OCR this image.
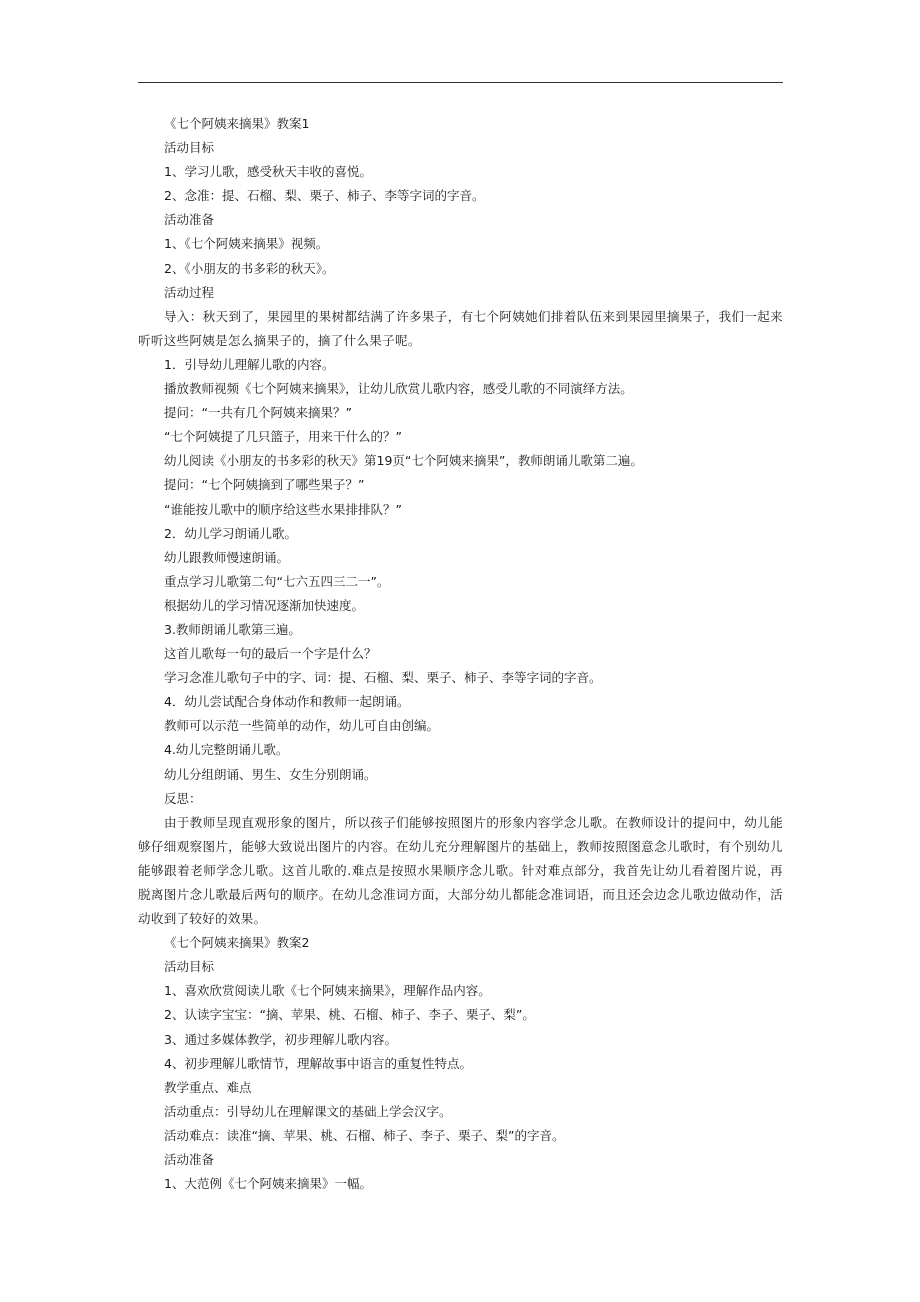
《七个阿姨来摘果》教案1
活动目标
1、学习儿歌，感受秋天丰收的喜悦。
2、念准：提、石榴、梨、栗子、柿子、李等字词的字音。
活动准备
1、《七个阿姨来摘果》视频。
2、《小朋友的书多彩的秋天》。
活动过程
导入：秋天到了，果园里的果树都结满了许多果子，有七个阿姨她们排着队伍来到果园里摘果子，我们一起来听听这些阿姨是怎么摘果子的，摘了什么果子呢。
1．引导幼儿理解儿歌的内容。
播放教师视频《七个阿姨来摘果》，让幼儿欣赏儿歌内容，感受儿歌的不同演绎方法。
提问：“一共有几个阿姨来摘果？”
“七个阿姨提了几只篮子，用来干什么的？”
幼儿阅读《小朋友的书多彩的秋天》第19页“七个阿姨来摘果”，教师朗诵儿歌第二遍。
提问：“七个阿姨摘到了哪些果子？”
“谁能按儿歌中的顺序给这些水果排排队？”
2．幼儿学习朗诵儿歌。
幼儿跟教师慢速朗诵。
重点学习儿歌第二句“七六五四三二一”。
根据幼儿的学习情况逐渐加快速度。
3.教师朗诵儿歌第三遍。
这首儿歌每一句的最后一个字是什么？
学习念准儿歌句子中的字、词：提、石榴、梨、栗子、柿子、李等字词的字音。
4．幼儿尝试配合身体动作和教师一起朗诵。
教师可以示范一些简单的动作，幼儿可自由创编。
4.幼儿完整朗诵儿歌。
幼儿分组朗诵、男生、女生分别朗诵。
反思：
由于教师呈现直观形象的图片，所以孩子们能够按照图片的形象内容学念儿歌。在教师设计的提问中，幼儿能够仔细观察图片，能够大致说出图片的内容。在幼儿充分理解图片的基础上，教师按照图意念儿歌时，有个别幼儿能够跟着老师学念儿歌。这首儿歌的.难点是按照水果顺序念儿歌。针对难点部分，我首先让幼儿看着图片说，再脱离图片念儿歌最后两句的顺序。在幼儿念准词方面，大部分幼儿都能念准词语，而且还会边念儿歌边做动作，活动收到了较好的效果。
《七个阿姨来摘果》教案2
活动目标
1、喜欢欣赏阅读儿歌《七个阿姨来摘果》，理解作品内容。
2、认读字宝宝：“摘、苹果、桃、石榴、柿子、李子、栗子、梨”。
3、通过多媒体教学，初步理解儿歌内容。
4、初步理解儿歌情节，理解故事中语言的重复性特点。
教学重点、难点
活动重点：引导幼儿在理解课文的基础上学会汉字。
活动难点：读准“摘、苹果、桃、石榴、柿子、李子、栗子、梨”的字音。
活动准备
1、大范例《七个阿姨来摘果》一幅。
